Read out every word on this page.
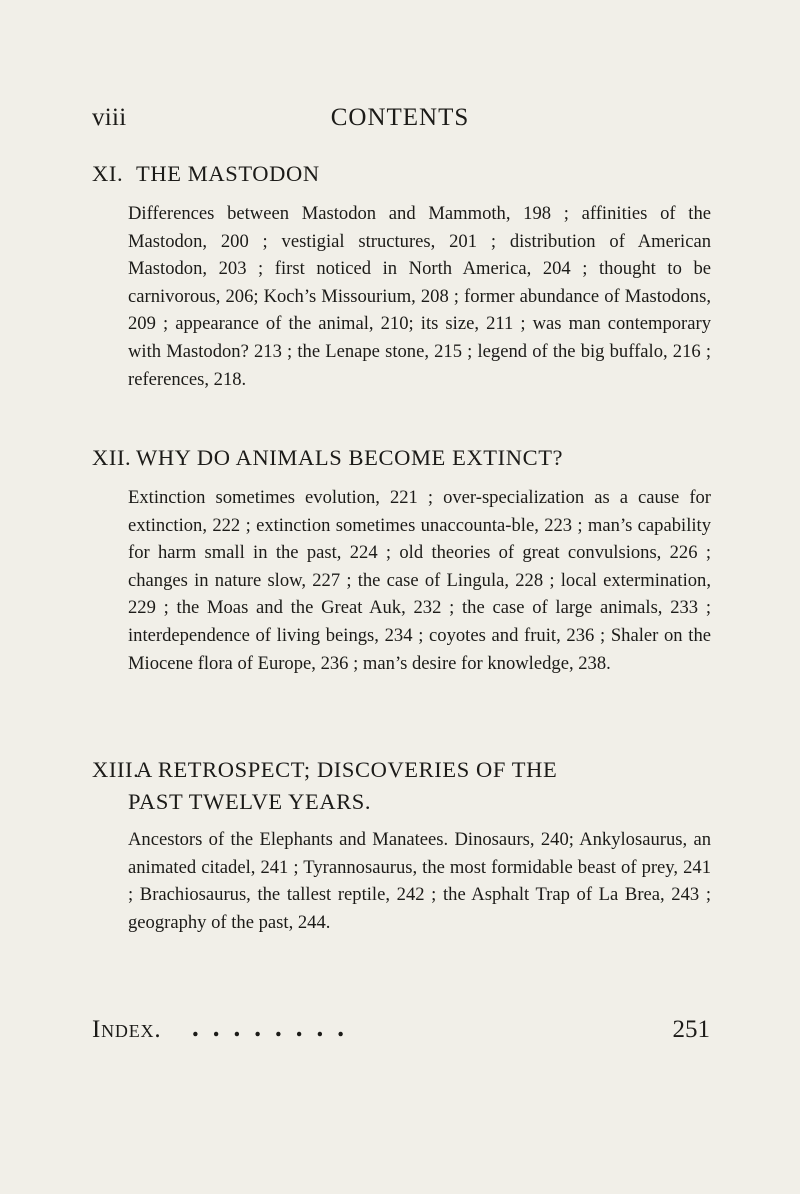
viii	CONTENTS
XI. THE MASTODON

Differences between Mastodon and Mammoth, 198 ; affinities of the Mastodon, 200 ; vestigial structures, 201 ; distribution of American Mastodon, 203 ; first noticed in North America, 204 ; thought to be carnivorous, 206; Koch’s Missourium, 208 ; former abundance of Mastodons, 209 ; appearance of the animal, 210; its size, 211 ; was man contemporary with Mastodon? 213 ; the Lenape stone, 215 ; legend of the big buffalo, 216 ; references, 218.

XII. WHY DO ANIMALS BECOME EXTINCT?

Extinction sometimes evolution, 221 ; over-specialization as a cause for extinction, 222 ; extinction sometimes unaccounta-ble, 223 ; man’s capability for harm small in the past, 224 ; old theories of great convulsions, 226 ; changes in nature slow, 227 ; the case of Lingula, 228 ; local extermination, 229 ; the Moas and the Great Auk, 232 ; the case of large animals, 233 ; interdependence of living beings, 234 ; coyotes and fruit, 236 ; Shaler on the Miocene flora of Europe, 236 ; man’s desire for knowledge, 238.

XIII.A RETROSPECT; DISCOVERIES OF THE
PAST TWELVE YEARS.

Ancestors of the Elephants and Manatees. Dinosaurs, 240; Ankylosaurus, an animated citadel, 241 ; Tyrannosaurus, the most formidable beast of prey, 241 ; Brachiosaurus, the tallest reptile, 242 ; the Asphalt Trap of La Brea, 243 ; geography of the past, 244.

Index. ........	251
